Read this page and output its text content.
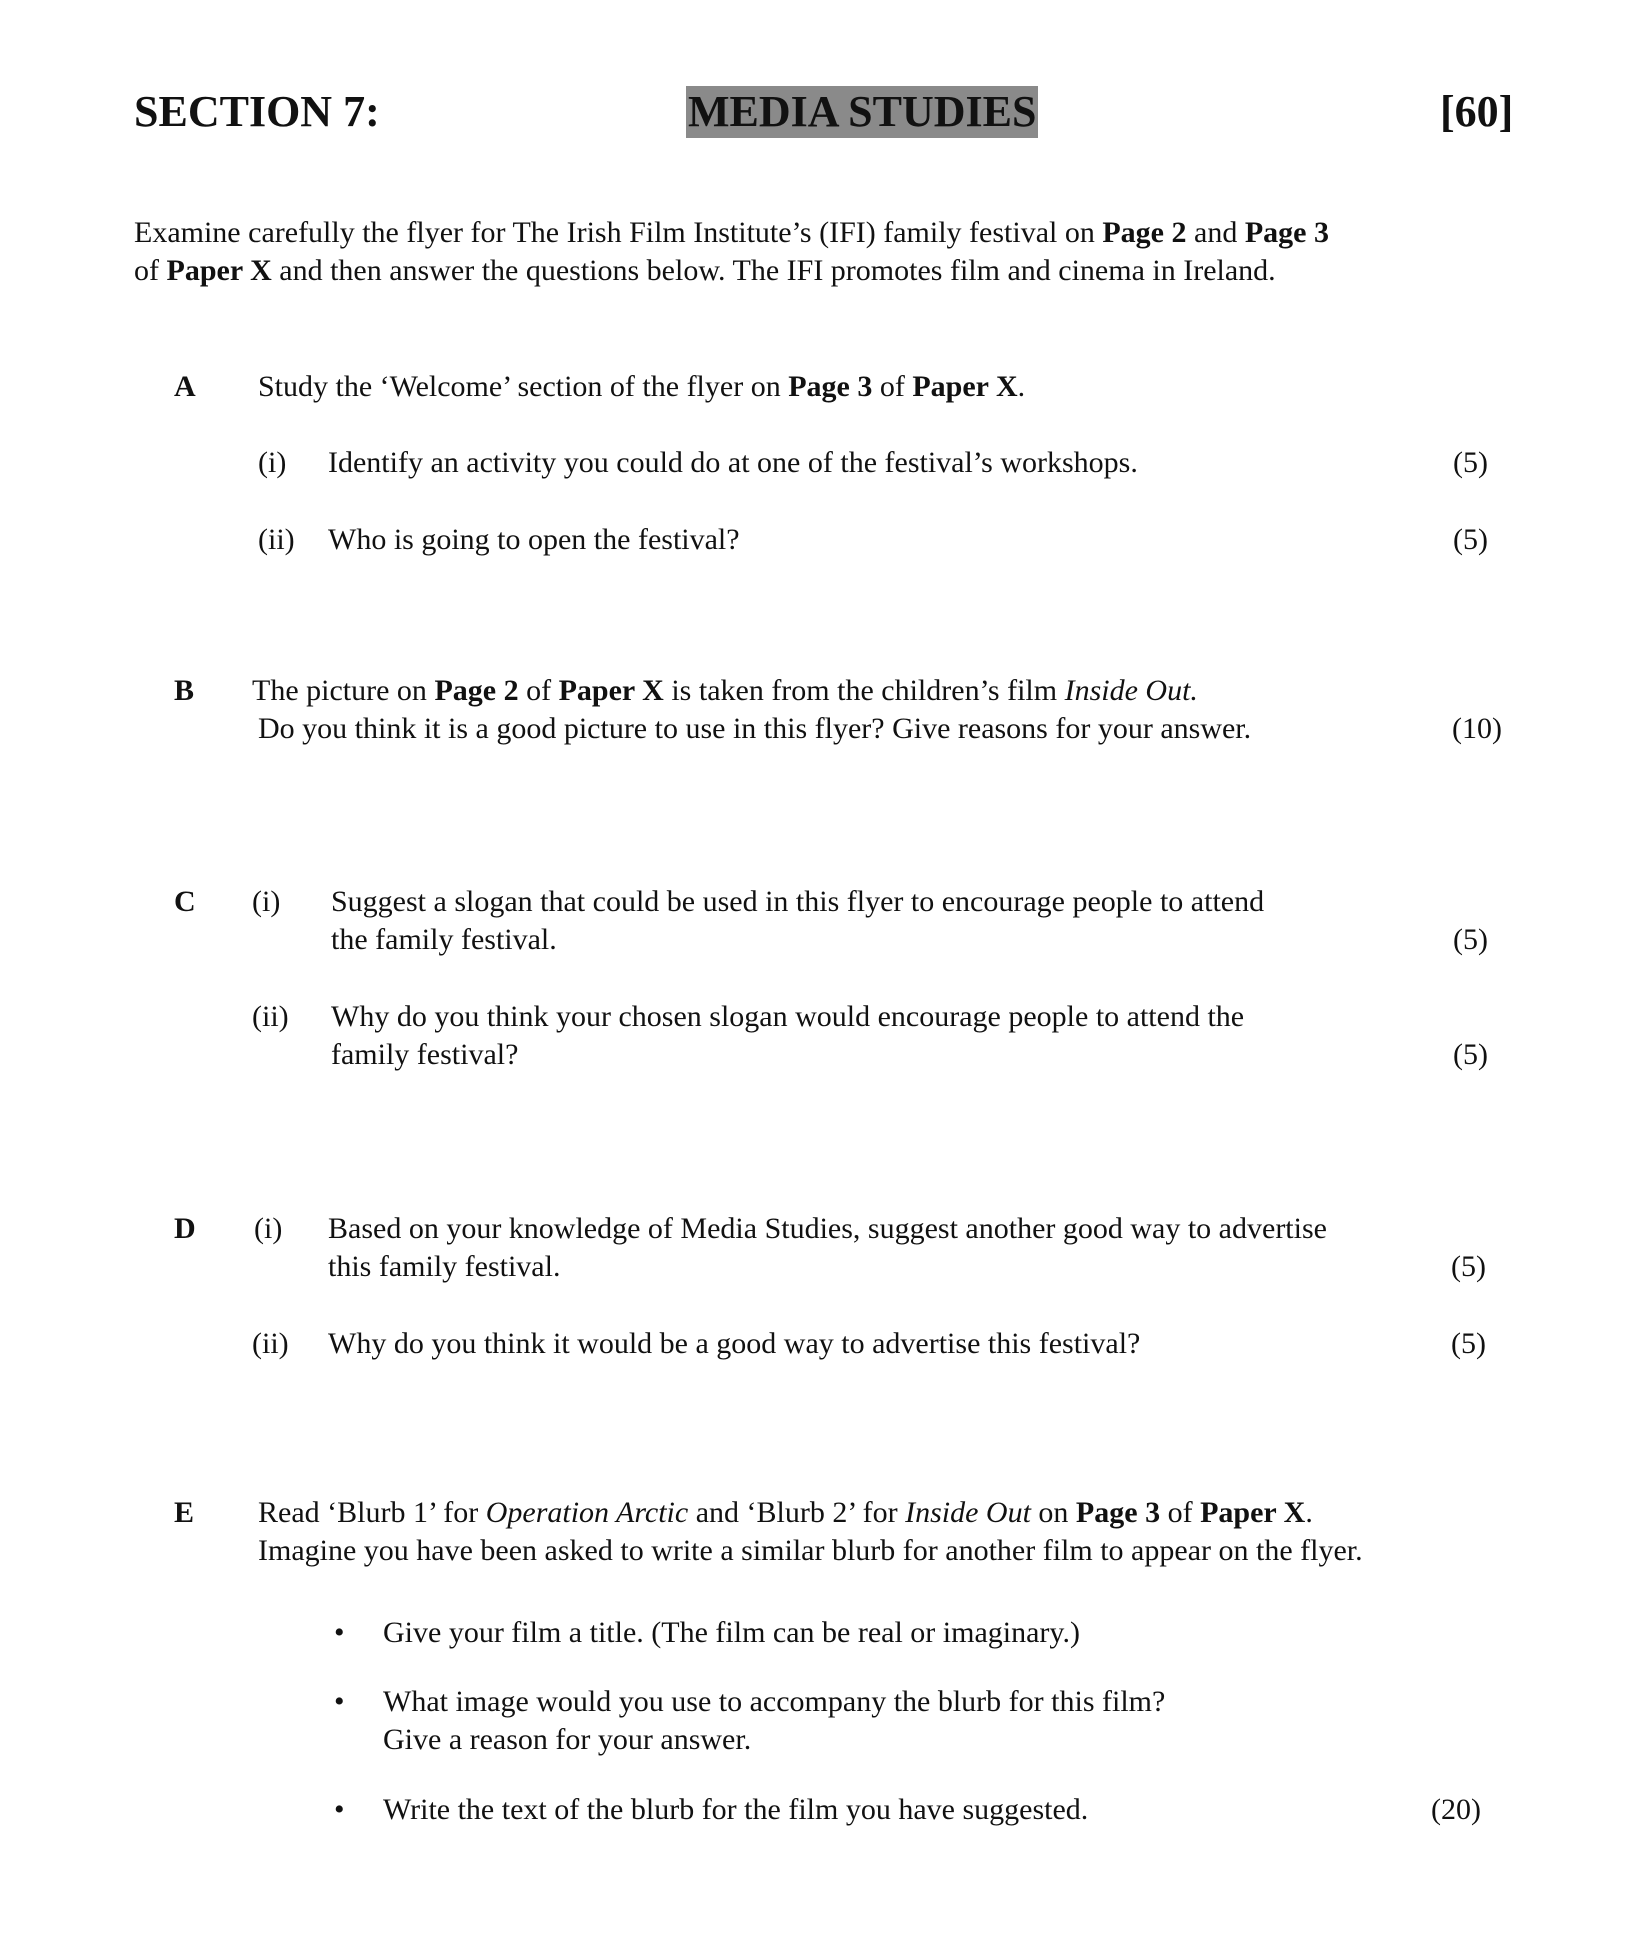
SECTION 7:	MEDIA STUDIES	[60]
Examine carefully the flyer for The Irish Film Institute’s (IFI) family festival on Page 2 and Page 3
of Paper X and then answer the questions below. The IFI promotes film and cinema in Ireland.
A Study the ‘Welcome’ section of the flyer on Page 3 of Paper X.
(i) Identify an activity you could do at one of the festival’s workshops.	(5)
(ii) Who is going to open the festival?	(5)
B The picture on Page 2 of Paper X is taken from the children’s film Inside Out.
Do you think it is a good picture to use in this flyer? Give reasons for your answer.	(10)
C (i) Suggest a slogan that could be used in this flyer to encourage people to attend
the family festival.	(5)
(ii) Why do you think your chosen slogan would encourage people to attend the
family festival?	(5)
D (i) Based on your knowledge of Media Studies, suggest another good way to advertise
this family festival.	(5)
(ii) Why do you think it would be a good way to advertise this festival?	(5)
E Read ‘Blurb 1’ for Operation Arctic and ‘Blurb 2’ for Inside Out on Page 3 of Paper X.
Imagine you have been asked to write a similar blurb for another film to appear on the flyer.
• Give your film a title. (The film can be real or imaginary.)
• What image would you use to accompany the blurb for this film?
Give a reason for your answer.
• Write the text of the blurb for the film you have suggested.	(20)
